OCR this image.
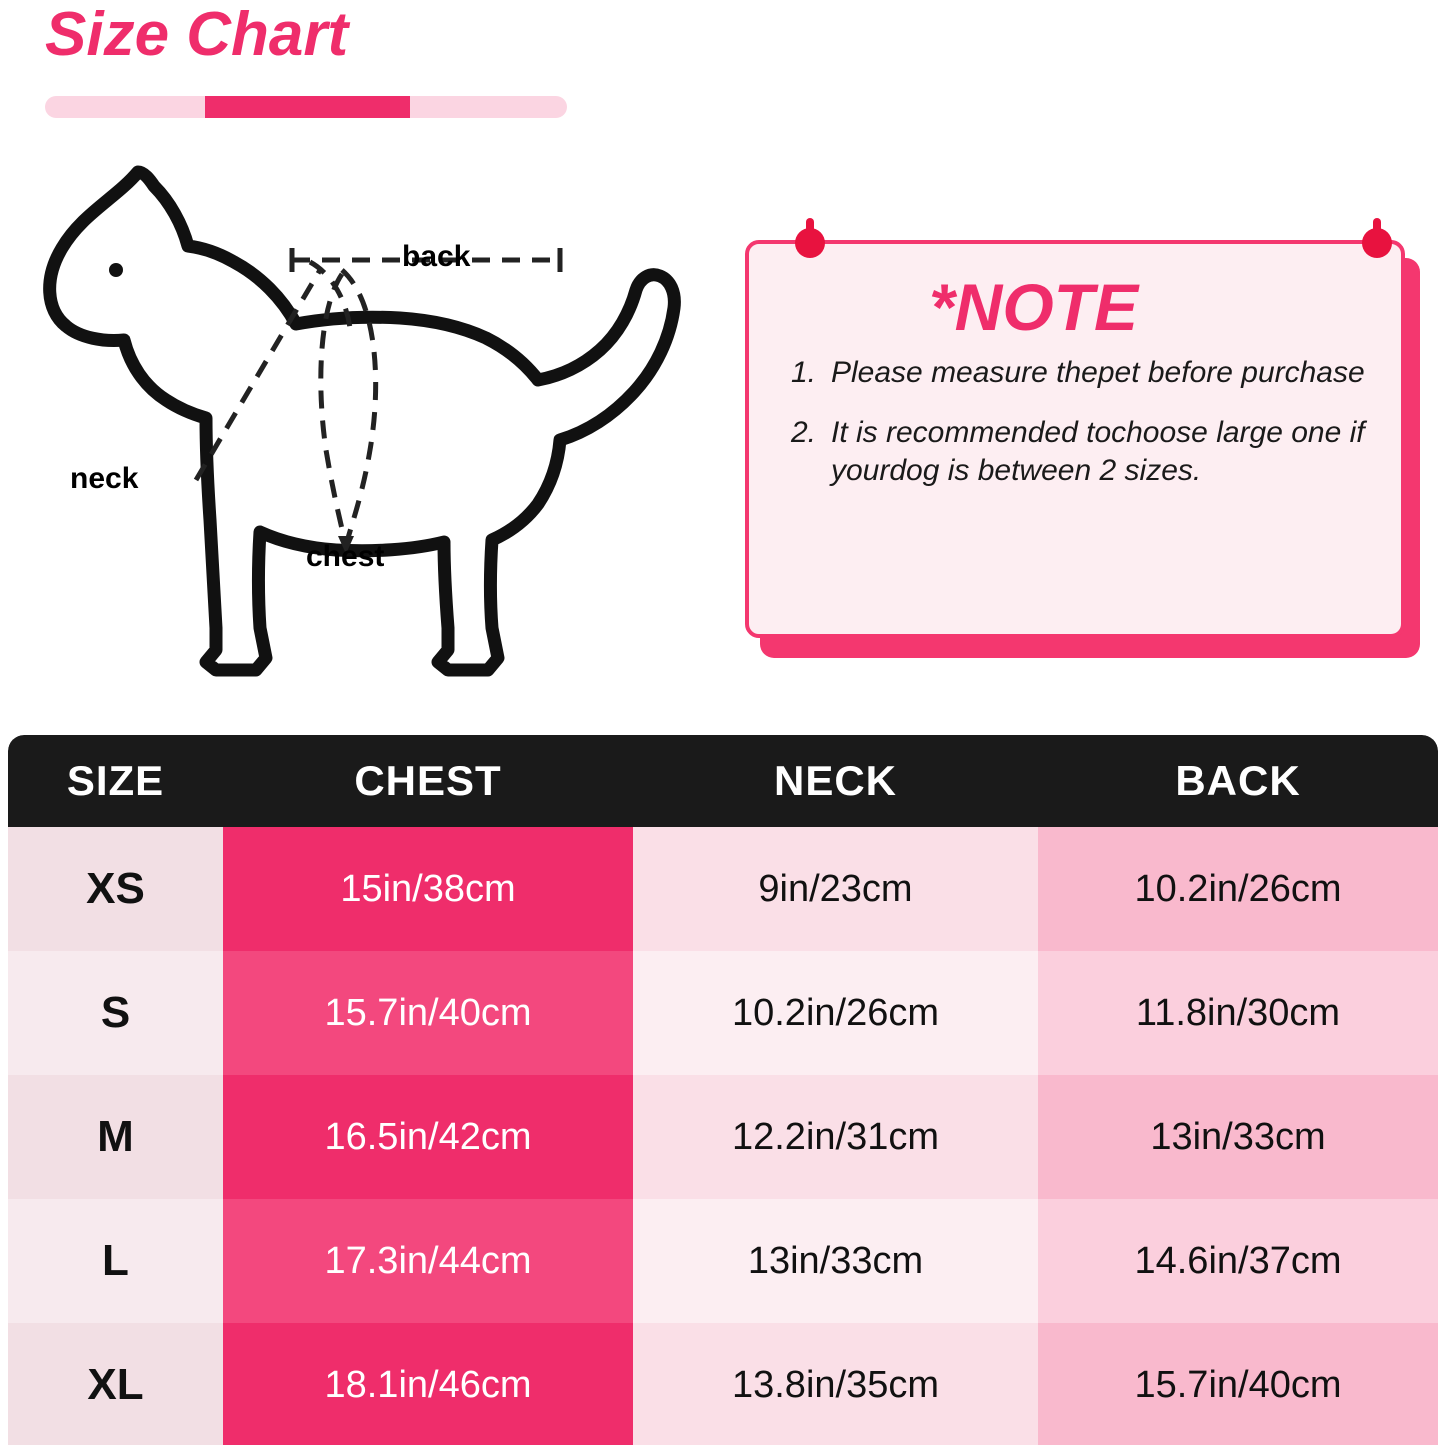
Size Chart
back
neck
chest
*NOTE
1. Please measure thepet before purchase
2. It is recommended tochoose large one if yourdog is between 2 sizes.
SIZE	CHEST	NECK	BACK
XS	15in/38cm	9in/23cm	10.2in/26cm
S	15.7in/40cm	10.2in/26cm	11.8in/30cm
M	16.5in/42cm	12.2in/31cm	13in/33cm
L	17.3in/44cm	13in/33cm	14.6in/37cm
XL	18.1in/46cm	13.8in/35cm	15.7in/40cm
